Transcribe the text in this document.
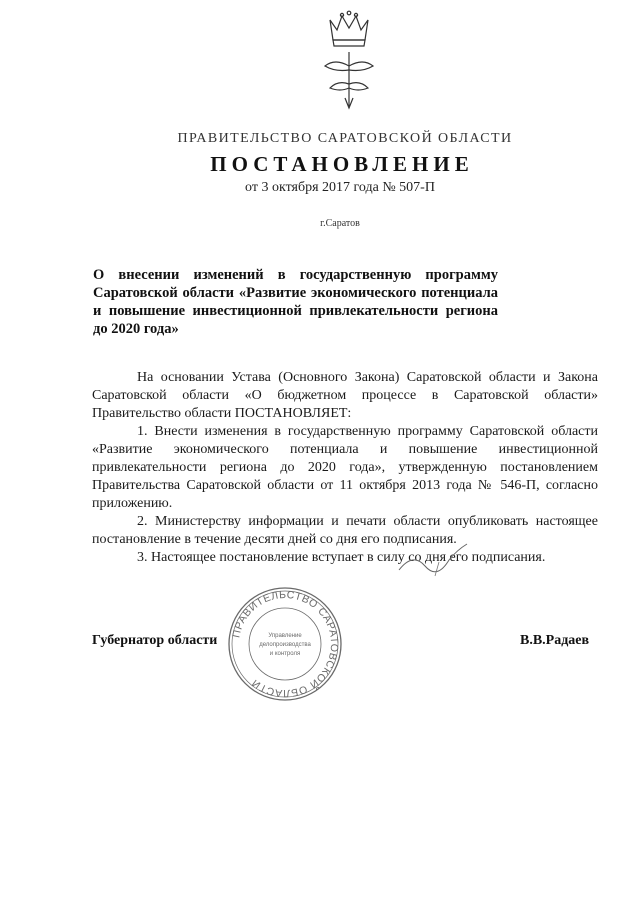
ПРАВИТЕЛЬСТВО САРАТОВСКОЙ ОБЛАСТИ
ПОСТАНОВЛЕНИЕ
от 3 октября 2017 года № 507-П
г.Саратов
О внесении изменений в государственную программу Саратовской области «Развитие экономического потенциала и повышение инвестиционной привлекательности региона до 2020 года»

На основании Устава (Основного Закона) Саратовской области и Закона Саратовской области «О бюджетном процессе в Саратовской области» Правительство области ПОСТАНОВЛЯЕТ:

1. Внести изменения в государственную программу Саратовской области «Развитие экономического потенциала и повышение инвестиционной привлекательности региона до 2020 года», утвержденную постановлением Правительства Саратовской области от 11 октября 2013 года № 546-П, согласно приложению.

2. Министерству информации и печати области опубликовать настоящее постановление в течение десяти дней со дня его подписания.

3. Настоящее постановление вступает в силу со дня его подписания.

Губернатор области	В.В.Радаев
ПРАВИТЕЛЬСТВО САРАТОВСКОЙ ОБЛАСТИ
Управление
делопроизводства
и контроля
